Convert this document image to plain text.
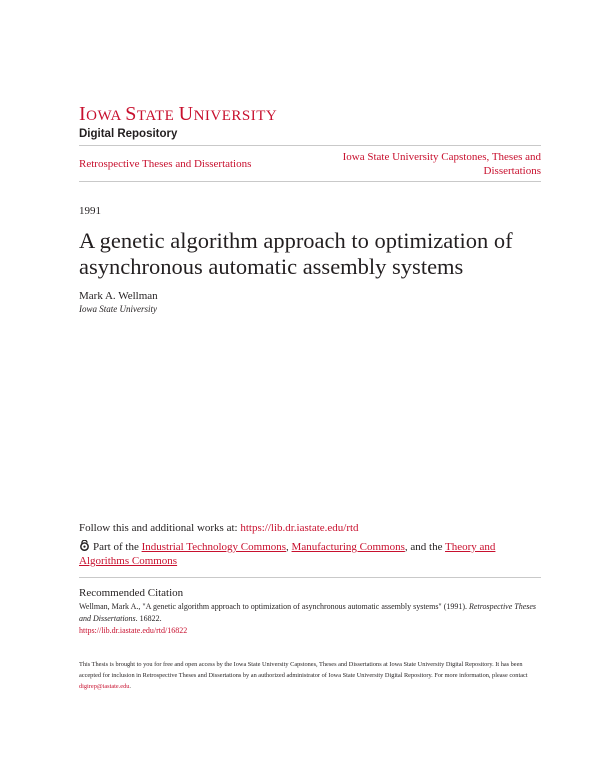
IOWA STATE UNIVERSITY
Digital Repository
Retrospective Theses and Dissertations
Iowa State University Capstones, Theses and Dissertations
1991
A genetic algorithm approach to optimization of asynchronous automatic assembly systems
Mark A. Wellman
Iowa State University
Follow this and additional works at: https://lib.dr.iastate.edu/rtd
Part of the Industrial Technology Commons, Manufacturing Commons, and the Theory and Algorithms Commons
Recommended Citation
Wellman, Mark A., "A genetic algorithm approach to optimization of asynchronous automatic assembly systems" (1991). Retrospective Theses and Dissertations. 16822.
https://lib.dr.iastate.edu/rtd/16822
This Thesis is brought to you for free and open access by the Iowa State University Capstones, Theses and Dissertations at Iowa State University Digital Repository. It has been accepted for inclusion in Retrospective Theses and Dissertations by an authorized administrator of Iowa State University Digital Repository. For more information, please contact digirep@iastate.edu.
